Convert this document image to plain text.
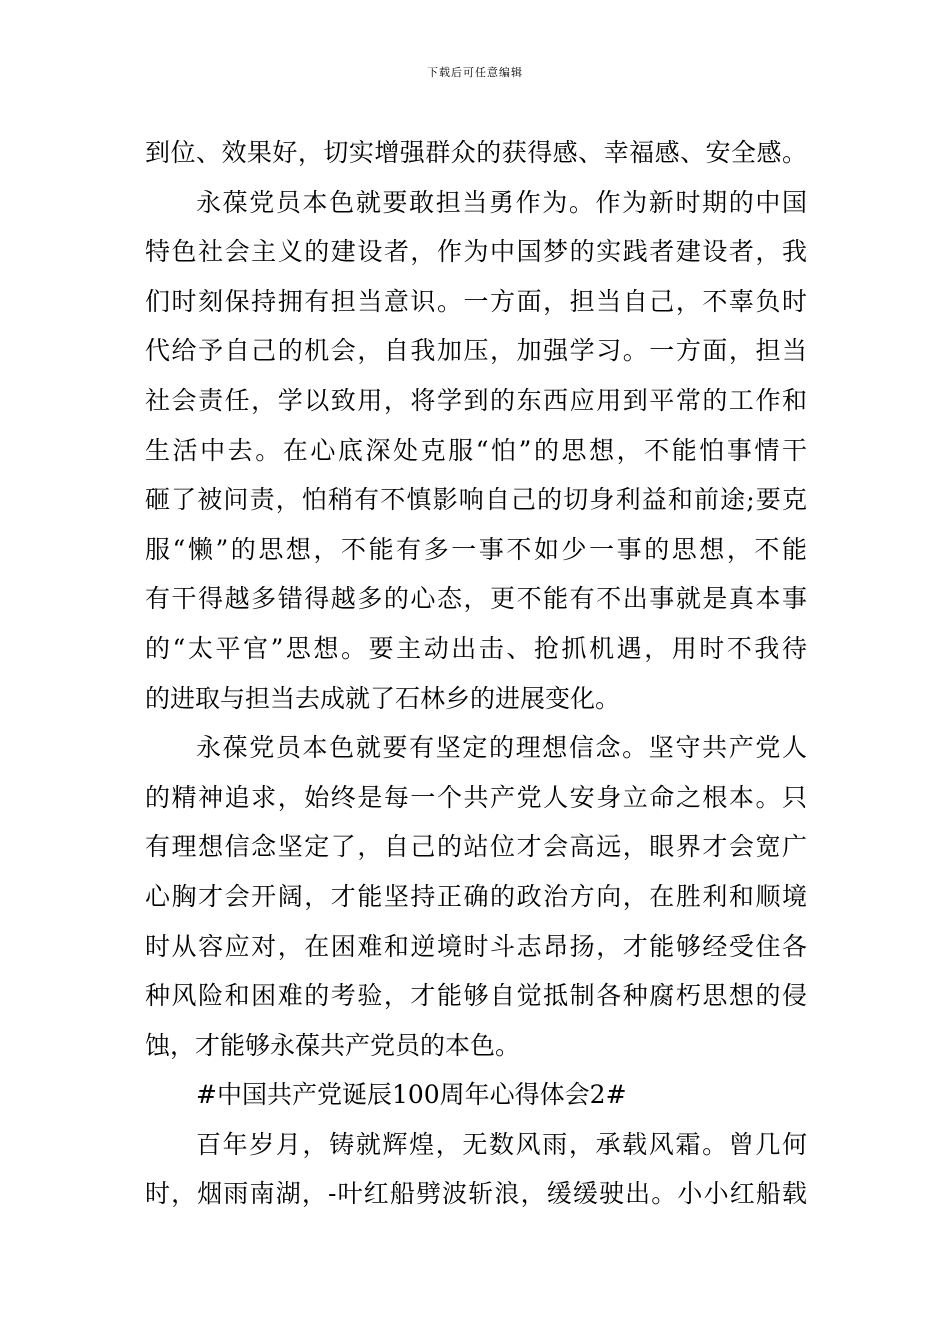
下载后可任意编辑
到位、效果好，切实增强群众的获得感、幸福感、安全感。
永葆党员本色就要敢担当勇作为。作为新时期的中国
特色社会主义的建设者，作为中国梦的实践者建设者，我
们时刻保持拥有担当意识。一方面，担当自己，不辜负时
代给予自己的机会，自我加压，加强学习。一方面，担当
社会责任，学以致用，将学到的东西应用到平常的工作和
生活中去。在心底深处克服“怕”的思想，不能怕事情干
砸了被问责，怕稍有不慎影响自己的切身利益和前途;要克
服“懒”的思想，不能有多一事不如少一事的思想，不能
有干得越多错得越多的心态，更不能有不出事就是真本事
的“太平官”思想。要主动出击、抢抓机遇，用时不我待
的进取与担当去成就了石林乡的进展变化。
永葆党员本色就要有坚定的理想信念。坚守共产党人
的精神追求，始终是每一个共产党人安身立命之根本。只
有理想信念坚定了，自己的站位才会高远，眼界才会宽广
心胸才会开阔，才能坚持正确的政治方向，在胜利和顺境
时从容应对，在困难和逆境时斗志昂扬，才能够经受住各
种风险和困难的考验，才能够自觉抵制各种腐朽思想的侵
蚀，才能够永葆共产党员的本色。
#中国共产党诞辰100周年心得体会2#
百年岁月，铸就辉煌，无数风雨，承载风霜。曾几何
时，烟雨南湖，-叶红船劈波斩浪，缓缓驶出。小小红船载
